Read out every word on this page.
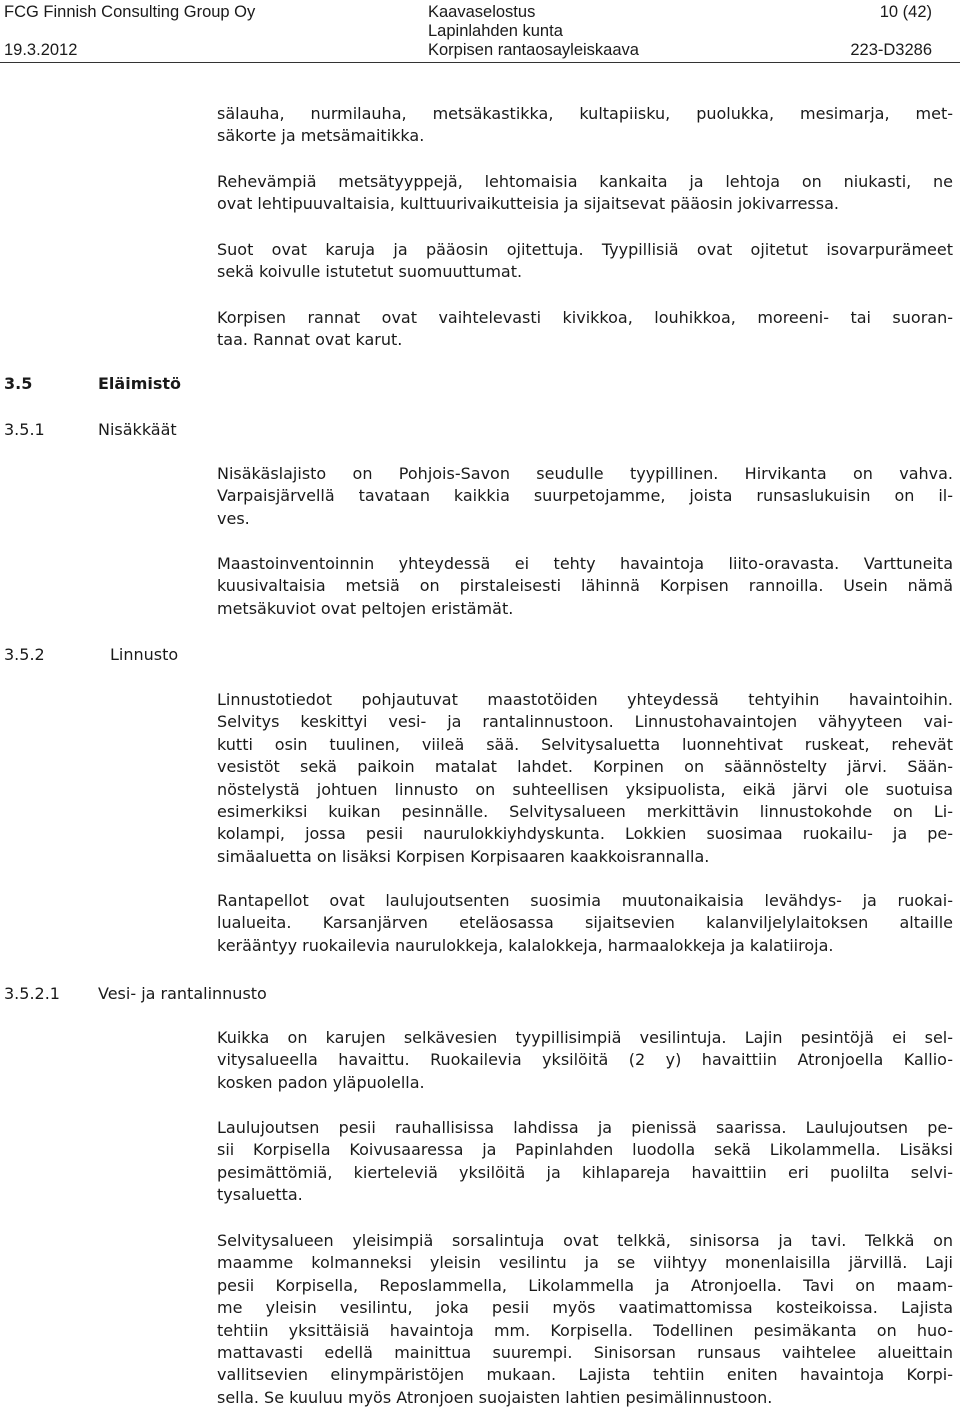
FCG Finnish Consulting Group Oy
19.3.2012
Kaavaselostus
Lapinlahden kunta
Korpisen rantaosayleiskaava
10 (42)
223-D3286
3.5	Eläimistö
3.5.1	Nisäkkäät
3.5.2	Linnusto
3.5.2.1 Vesi- ja rantalinnusto
sälauha, nurmilauha, metsäkastikka, kultapiisku, puolukka, mesimarja, met-
säkorte ja metsämaitikka.
Rehevämpiä metsätyyppejä, lehtomaisia kankaita ja lehtoja on niukasti, ne
ovat lehtipuuvaltaisia, kulttuurivaikutteisia ja sijaitsevat pääosin jokivarressa.
Suot ovat karuja ja pääosin ojitettuja. Tyypillisiä ovat ojitetut isovarpurämeet
sekä koivulle istutetut suomuuttumat.
Korpisen rannat ovat vaihtelevasti kivikkoa, louhikkoa, moreeni- tai suoran-
taa. Rannat ovat karut.
Nisäkäslajisto on Pohjois-Savon seudulle tyypillinen. Hirvikanta on vahva.
Varpaisjärvellä tavataan kaikkia suurpetojamme, joista runsaslukuisin on il-
ves.
Maastoinventoinnin yhteydessä ei tehty havaintoja liito-oravasta. Varttuneita
kuusivaltaisia metsiä on pirstaleisesti lähinnä Korpisen rannoilla. Usein nämä
metsäkuviot ovat peltojen eristämät.
Linnustotiedot pohjautuvat maastotöiden yhteydessä tehtyihin havaintoihin.
Selvitys keskittyi vesi- ja rantalinnustoon. Linnustohavaintojen vähyyteen vai-
kutti osin tuulinen, viileä sää. Selvitysaluetta luonnehtivat ruskeat, rehevät
vesistöt sekä paikoin matalat lahdet. Korpinen on säännöstelty järvi. Sään-
nöstelystä johtuen linnusto on suhteellisen yksipuolista, eikä järvi ole suotuisa
esimerkiksi kuikan pesinnälle. Selvitysalueen merkittävin linnustokohde on Li-
kolampi, jossa pesii naurulokkiyhdyskunta. Lokkien suosimaa ruokailu- ja pe-
simäaluetta on lisäksi Korpisen Korpisaaren kaakkoisrannalla.
Rantapellot ovat laulujoutsenten suosimia muutonaikaisia levähdys- ja ruokai-
lualueita. Karsanjärven eteläosassa sijaitsevien kalanviljelylaitoksen altaille
kerääntyy ruokailevia naurulokkeja, kalalokkeja, harmaalokkeja ja kalatiiroja.
Kuikka on karujen selkävesien tyypillisimpiä vesilintuja. Lajin pesintöjä ei sel-
vitysalueella havaittu. Ruokailevia yksilöitä (2 y) havaittiin Atronjoella Kallio-
kosken padon yläpuolella.
Laulujoutsen pesii rauhallisissa lahdissa ja pienissä saarissa. Laulujoutsen pe-
sii Korpisella Koivusaaressa ja Papinlahden luodolla sekä Likolammella. Lisäksi
pesimättömiä, kierteleviä yksilöitä ja kihlapareja havaittiin eri puolilta selvi-
tysaluetta.
Selvitysalueen yleisimpiä sorsalintuja ovat telkkä, sinisorsa ja tavi. Telkkä on
maamme kolmanneksi yleisin vesilintu ja se viihtyy monenlaisilla järvillä. Laji
pesii Korpisella, Reposlammella, Likolammella ja Atronjoella. Tavi on maam-
me yleisin vesilintu, joka pesii myös vaatimattomissa kosteikoissa. Lajista
tehtiin yksittäisiä havaintoja mm. Korpisella. Todellinen pesimäkanta on huo-
mattavasti edellä mainittua suurempi. Sinisorsan runsaus vaihtelee alueittain
vallitsevien elinympäristöjen mukaan. Lajista tehtiin eniten havaintoja Korpi-
sella. Se kuuluu myös Atronjoen suojaisten lahtien pesimälinnustoon.
